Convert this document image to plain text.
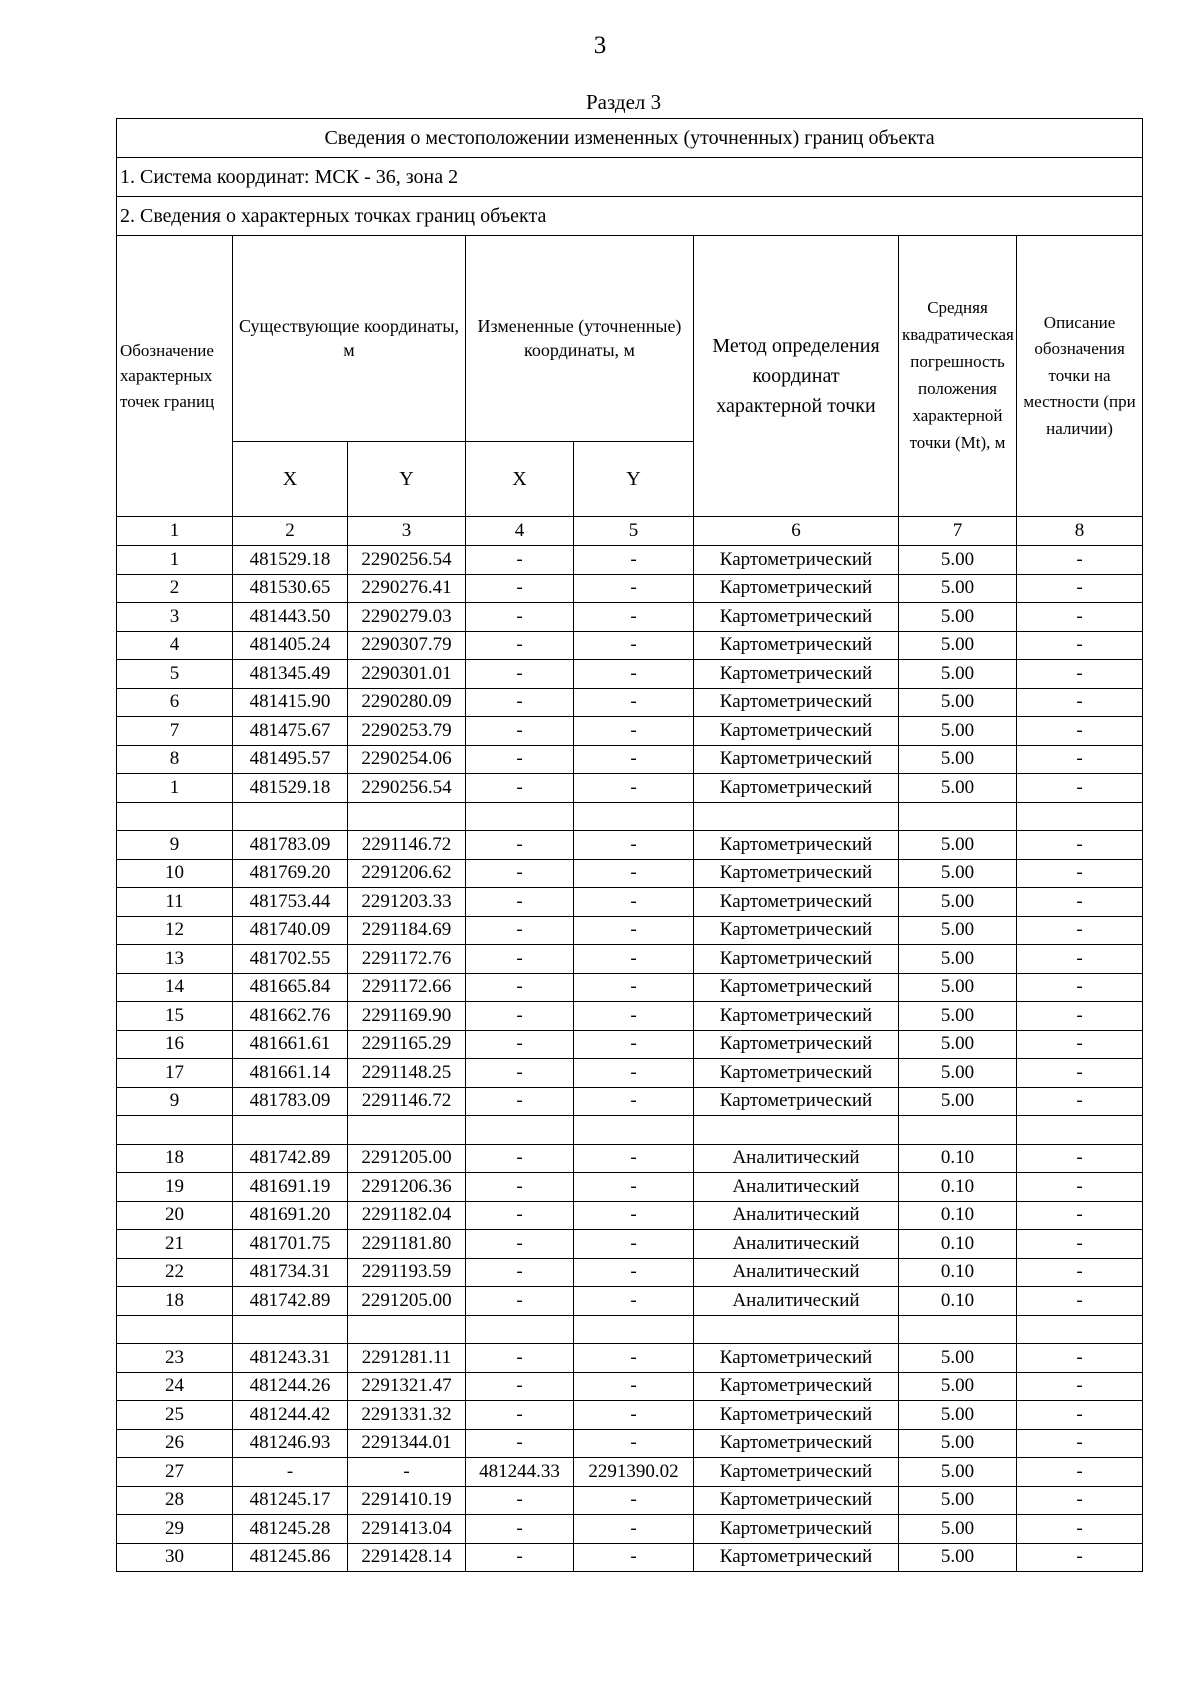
3
Раздел 3
Сведения о местоположении измененных (уточненных) границ объекта							
1. Система координат: МСК - 36, зона 2							
2. Сведения о характерных точках границ объекта							
Обозначение характерных точек границ	Существующие координаты, м		Измененные (уточненные) координаты, м		Метод определения координат характерной точки	Средняя квадратическая погрешность положения характерной точки (Mt), м	Описание обозначения точки на местности (при наличии)
	X	Y	X	Y			
1	2	3	4	5	6	7	8
1	481529.18	2290256.54	-	-	Картометрический	5.00	-
2	481530.65	2290276.41	-	-	Картометрический	5.00	-
3	481443.50	2290279.03	-	-	Картометрический	5.00	-
4	481405.24	2290307.79	-	-	Картометрический	5.00	-
5	481345.49	2290301.01	-	-	Картометрический	5.00	-
6	481415.90	2290280.09	-	-	Картометрический	5.00	-
7	481475.67	2290253.79	-	-	Картометрический	5.00	-
8	481495.57	2290254.06	-	-	Картометрический	5.00	-
1	481529.18	2290256.54	-	-	Картометрический	5.00	-

9	481783.09	2291146.72	-	-	Картометрический	5.00	-
10	481769.20	2291206.62	-	-	Картометрический	5.00	-
11	481753.44	2291203.33	-	-	Картометрический	5.00	-
12	481740.09	2291184.69	-	-	Картометрический	5.00	-
13	481702.55	2291172.76	-	-	Картометрический	5.00	-
14	481665.84	2291172.66	-	-	Картометрический	5.00	-
15	481662.76	2291169.90	-	-	Картометрический	5.00	-
16	481661.61	2291165.29	-	-	Картометрический	5.00	-
17	481661.14	2291148.25	-	-	Картометрический	5.00	-
9	481783.09	2291146.72	-	-	Картометрический	5.00	-

18	481742.89	2291205.00	-	-	Аналитический	0.10	-
19	481691.19	2291206.36	-	-	Аналитический	0.10	-
20	481691.20	2291182.04	-	-	Аналитический	0.10	-
21	481701.75	2291181.80	-	-	Аналитический	0.10	-
22	481734.31	2291193.59	-	-	Аналитический	0.10	-
18	481742.89	2291205.00	-	-	Аналитический	0.10	-

23	481243.31	2291281.11	-	-	Картометрический	5.00	-
24	481244.26	2291321.47	-	-	Картометрический	5.00	-
25	481244.42	2291331.32	-	-	Картометрический	5.00	-
26	481246.93	2291344.01	-	-	Картометрический	5.00	-
27	-	-	481244.33	2291390.02	Картометрический	5.00	-
28	481245.17	2291410.19	-	-	Картометрический	5.00	-
29	481245.28	2291413.04	-	-	Картометрический	5.00	-
30	481245.86	2291428.14	-	-	Картометрический	5.00	-
